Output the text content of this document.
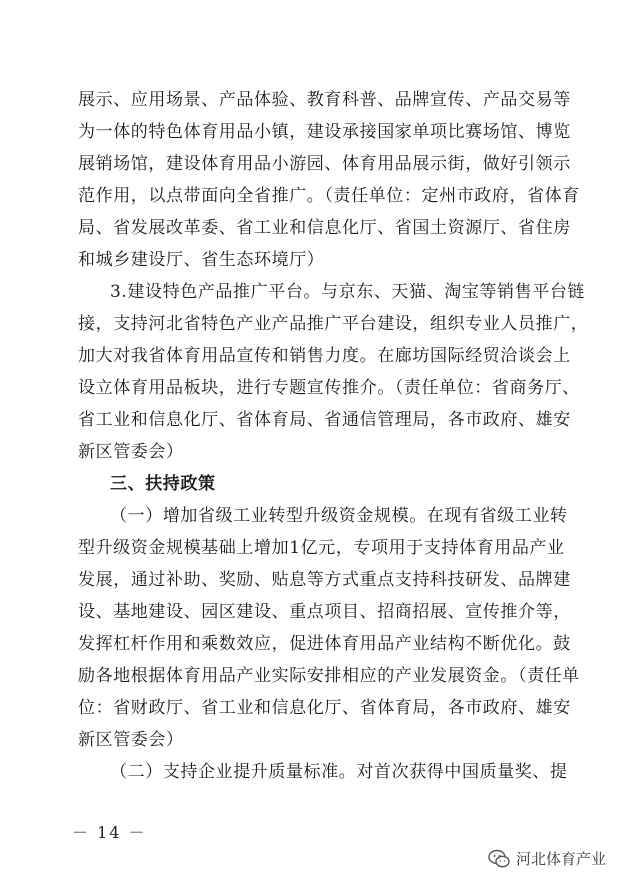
展示、应用场景、产品体验、教育科普、品牌宣传、产品交易等
为一体的特色体育用品小镇，建设承接国家单项比赛场馆、博览
展销场馆，建设体育用品小游园、体育用品展示街，做好引领示
范作用，以点带面向全省推广。（责任单位：定州市政府，省体育
局、省发展改革委、省工业和信息化厅、省国土资源厅、省住房
和城乡建设厅、省生态环境厅）
3.建设特色产品推广平台。与京东、天猫、淘宝等销售平台链
接，支持河北省特色产业产品推广平台建设，组织专业人员推广，
加大对我省体育用品宣传和销售力度。在廊坊国际经贸洽谈会上
设立体育用品板块，进行专题宣传推介。（责任单位：省商务厅、
省工业和信息化厅、省体育局、省通信管理局，各市政府、雄安
新区管委会）
三、扶持政策
（一）增加省级工业转型升级资金规模。在现有省级工业转
型升级资金规模基础上增加1亿元，专项用于支持体育用品产业
发展，通过补助、奖励、贴息等方式重点支持科技研发、品牌建
设、基地建设、园区建设、重点项目、招商招展、宣传推介等，
发挥杠杆作用和乘数效应，促进体育用品产业结构不断优化。鼓
励各地根据体育用品产业实际安排相应的产业发展资金。（责任单
位：省财政厅、省工业和信息化厅、省体育局，各市政府、雄安
新区管委会）
（二）支持企业提升质量标准。对首次获得中国质量奖、提
－ 14 －
河北体育产业
